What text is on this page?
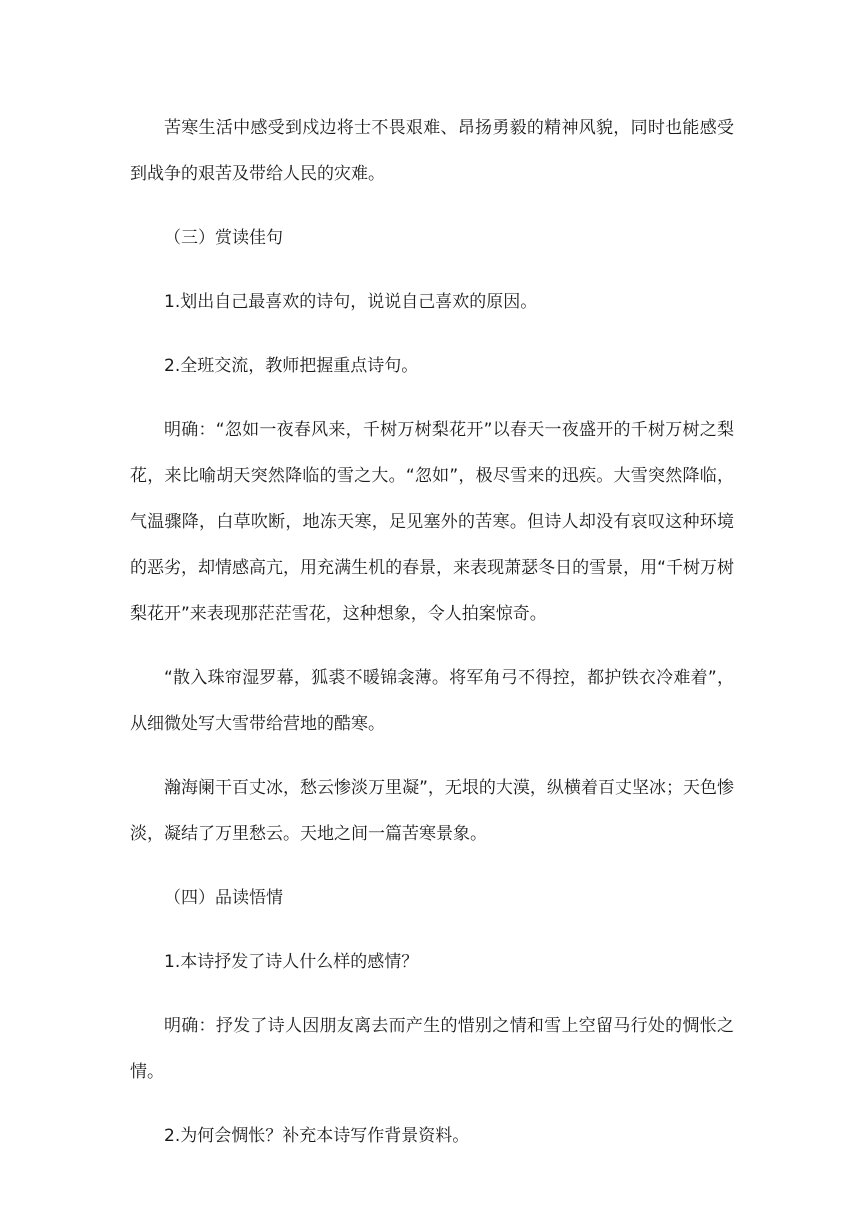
苦寒生活中感受到戍边将士不畏艰难、昂扬勇毅的精神风貌，同时也能感受到战争的艰苦及带给人民的灾难。

（三）赏读佳句

1.划出自己最喜欢的诗句，说说自己喜欢的原因。

2.全班交流，教师把握重点诗句。

明确：“忽如一夜春风来，千树万树梨花开”以春天一夜盛开的千树万树之梨花，来比喻胡天突然降临的雪之大。“忽如”，极尽雪来的迅疾。大雪突然降临，气温骤降，白草吹断，地冻天寒，足见塞外的苦寒。但诗人却没有哀叹这种环境的恶劣，却情感高亢，用充满生机的春景，来表现萧瑟冬日的雪景，用“千树万树梨花开”来表现那茫茫雪花，这种想象，令人拍案惊奇。

“散入珠帘湿罗幕，狐裘不暖锦衾薄。将军角弓不得控，都护铁衣冷难着”，从细微处写大雪带给营地的酷寒。

瀚海阑干百丈冰，愁云惨淡万里凝”，无垠的大漠，纵横着百丈坚冰；天色惨淡，凝结了万里愁云。天地之间一篇苦寒景象。

（四）品读悟情

1.本诗抒发了诗人什么样的感情？

明确：抒发了诗人因朋友离去而产生的惜别之情和雪上空留马行处的惆怅之情。

2.为何会惆怅？补充本诗写作背景资料。
